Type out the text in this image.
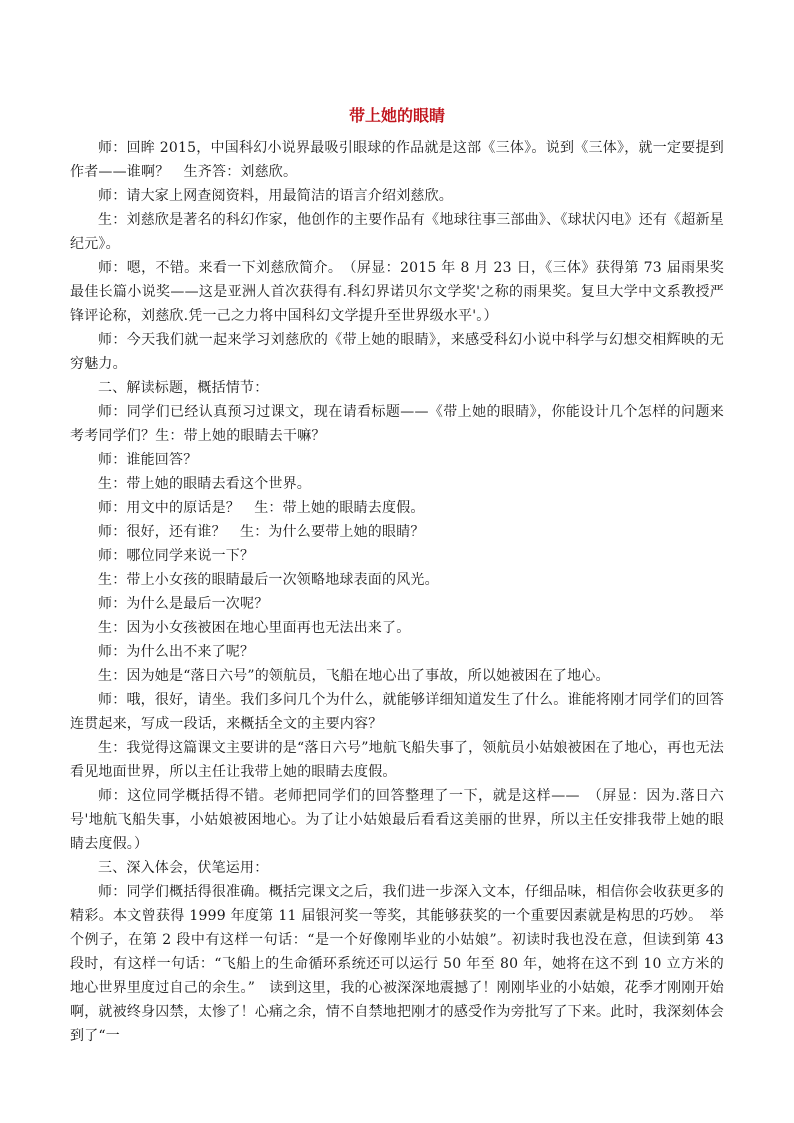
带上她的眼睛

师：回眸 2015，中国科幻小说界最吸引眼球的作品就是这部《三体》。说到《三体》，就一定要提到作者——谁啊？　生齐答：刘慈欣。

师：请大家上网查阅资料，用最简洁的语言介绍刘慈欣。

生：刘慈欣是著名的科幻作家，他创作的主要作品有《地球往事三部曲》、《球状闪电》还有《超新星纪元》。

师：嗯，不错。来看一下刘慈欣简介。　（屏显：2015 年 8 月 23 日，《三体》获得第 73 届雨果奖最佳长篇小说奖——这是亚洲人首次获得有.科幻界诺贝尔文学奖'之称的雨果奖。复旦大学中文系教授严锋评论称，刘慈欣.凭一己之力将中国科幻文学提升至世界级水平'。）

师：今天我们就一起来学习刘慈欣的《带上她的眼睛》，来感受科幻小说中科学与幻想交相辉映的无穷魅力。

二、解读标题，概括情节：

师：同学们已经认真预习过课文，现在请看标题——《带上她的眼睛》，你能设计几个怎样的问题来考考同学们？生：带上她的眼睛去干嘛？

师：谁能回答？

生：带上她的眼睛去看这个世界。

师：用文中的原话是？　生：带上她的眼睛去度假。

师：很好，还有谁？　生：为什么要带上她的眼睛？

师：哪位同学来说一下？

生：带上小女孩的眼睛最后一次领略地球表面的风光。

师：为什么是最后一次呢？

生：因为小女孩被困在地心里面再也无法出来了。

师：为什么出不来了呢？

生：因为她是“落日六号”的领航员，飞船在地心出了事故，所以她被困在了地心。

师：哦，很好，请坐。我们多问几个为什么，就能够详细知道发生了什么。谁能将刚才同学们的回答连贯起来，写成一段话，来概括全文的主要内容？

生：我觉得这篇课文主要讲的是“落日六号”地航飞船失事了，领航员小姑娘被困在了地心，再也无法看见地面世界，所以主任让我带上她的眼睛去度假。

师：这位同学概括得不错。老师把同学们的回答整理了一下，就是这样——　（屏显：因为.落日六号'地航飞船失事，小姑娘被困地心。为了让小姑娘最后看看这美丽的世界，所以主任安排我带上她的眼睛去度假。）

三、深入体会，伏笔运用：

师：同学们概括得很准确。概括完课文之后，我们进一步深入文本，仔细品味，相信你会收获更多的精彩。本文曾获得 1999 年度第 11 届银河奖一等奖，其能够获奖的一个重要因素就是构思的巧妙。　举个例子，在第 2 段中有这样一句话：“是一个好像刚毕业的小姑娘”。初读时我也没在意，但读到第 43 段时，有这样一句话：“飞船上的生命循环系统还可以运行 50 年至 80 年，她将在这不到 10 立方米的地心世界里度过自己的余生。”　读到这里，我的心被深深地震撼了！刚刚毕业的小姑娘，花季才刚刚开始啊，就被终身囚禁，太惨了！心痛之余，情不自禁地把刚才的感受作为旁批写了下来。此时，我深刻体会到了“一
